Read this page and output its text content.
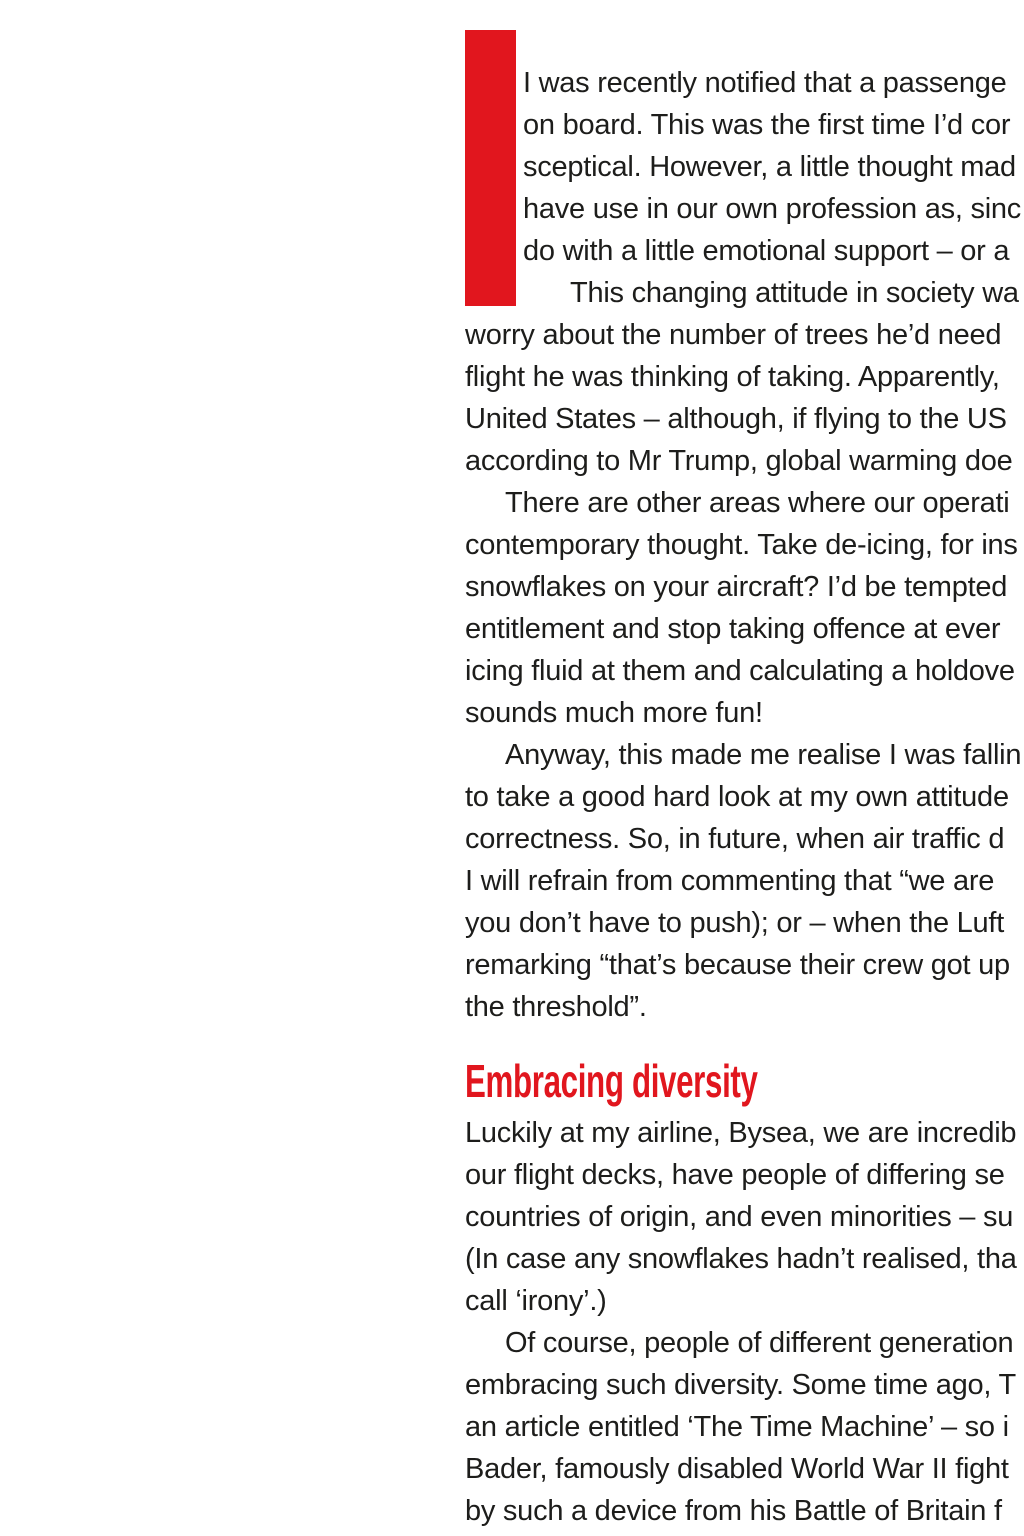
I was recently notified that a passenge
on board. This was the first time I’d cor
sceptical. However, a little thought mad
have use in our own profession as, sinc
do with a little emotional support – or a
This changing attitude in society wa
worry about the number of trees he’d need
flight he was thinking of taking. Apparently,
United States – although, if flying to the US
according to Mr Trump, global warming doe
There are other areas where our operati
contemporary thought. Take de-icing, for ins
snowflakes on your aircraft? I’d be tempted
entitlement and stop taking offence at ever
icing fluid at them and calculating a holdove
sounds much more fun!
Anyway, this made me realise I was fallin
to take a good hard look at my own attitude
correctness. So, in future, when air traffic d
I will refrain from commenting that “we are
you don’t have to push); or – when the Luft
remarking “that’s because their crew got up
the threshold”.
Embracing diversity
Luckily at my airline, Bysea, we are incredib
our flight decks, have people of differing se
countries of origin, and even minorities – su
(In case any snowflakes hadn’t realised, tha
call ‘irony’.)
Of course, people of different generation
embracing such diversity. Some time ago, T
an article entitled ‘The Time Machine’ – so i
Bader, famously disabled World War II fight
by such a device from his Battle of Britain f
